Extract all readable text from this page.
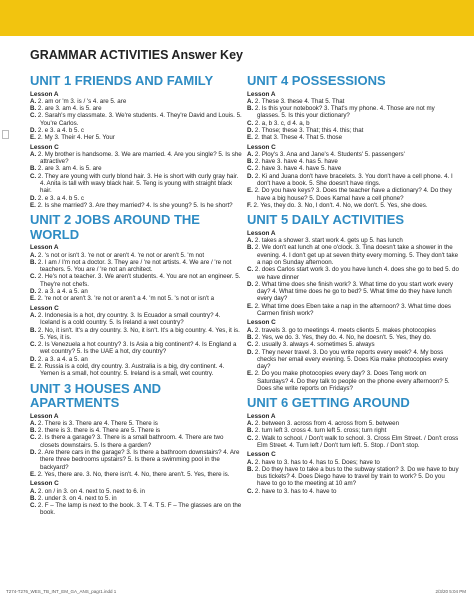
GRAMMAR ACTIVITIES Answer Key
UNIT 1 FRIENDS AND FAMILY
Lesson A
A. 2. am or 'm 3. is / 's 4. are 5. are
B. 2. are 3. am 4. is 5. are
C. 2. Sarah's my classmate. 3. We're students. 4. They're David and Louis. 5. You're Carlos.
D. 2. e 3. a 4. b 5. c
E. 2. My 3. Their 4. Her 5. Your
Lesson C
A. 2. My brother is handsome. 3. We are married. 4. Are you single? 5. Is she attractive?
B. 2. are 3. am 4. is 5. are
C. 2. They are young with curly blond hair. 3. He is short with curly gray hair. 4. Anita is tall with wavy black hair. 5. Teng is young with straight black hair.
D. 2. e 3. a 4. b 5. c
E. 2. Is she married? 3. Are they married? 4. Is she young? 5. Is he short?
UNIT 2 JOBS AROUND THE WORLD
Lesson A
A. 2. 's not or isn't 3. 're not or aren't 4. 're not or aren't 5. 'm not
B. 2. I am / I'm not a doctor. 3. They are / 're not artists. 4. We are / 're not teachers. 5. You are / 're not an architect.
C. 2. He's not a teacher. 3. We aren't students. 4. You are not an engineer. 5. They're not chefs.
D. 2. a 3. a 4. a 5. an
E. 2. 're not or aren't 3. 're not or aren't a 4. 'm not 5. 's not or isn't a
Lesson C
A. 2. Indonesia is a hot, dry country. 3. Is Ecuador a small country? 4. Iceland is a cold country. 5. Is Ireland a wet country?
B. 2. No, it isn't. It's a dry country. 3. No, it isn't. It's a big country. 4. Yes, it is. 5. Yes, it is.
C. 2. Is Venezuela a hot country? 3. Is Asia a big continent? 4. Is England a wet country? 5. Is the UAE a hot, dry country?
D. 2. a 3. a 4. a 5. an
E. 2. Russia is a cold, dry country. 3. Australia is a big, dry continent. 4. Yemen is a small, hot country. 5. Ireland is a small, wet country.
UNIT 3 HOUSES AND APARTMENTS
Lesson A
A. 2. There is 3. There are 4. There 5. There is
B. 2. there is 3. there is 4. There are 5. There is
C. 2. Is there a garage? 3. There is a small bathroom. 4. There are two closets downstairs. 5. Is there a garden?
D. 2. Are there cars in the garage? 3. Is there a bathroom downstairs? 4. Are there three bedrooms upstairs? 5. Is there a swimming pool in the backyard?
E. 2. Yes, there are. 3. No, there isn't. 4. No, there aren't. 5. Yes, there is.
Lesson C
A. 2. on / in 3. on 4. next to 5. next to 6. in
B. 2. under 3. on 4. next to 5. in
C. 2. F – The lamp is next to the book. 3. T 4. T 5. F – The glasses are on the book.
UNIT 4 POSSESSIONS
Lesson A
A. 2. These 3. these 4. That 5. That
B. 2. Is this your notebook? 3. That's my phone. 4. Those are not my glasses. 5. Is this your dictionary?
C. 2. a, b 3. c, d 4. a, b
D. 2. Those; these 3. That; this 4. this; that
E. 2. that 3. These 4. That 5. those
Lesson C
A. 2. Ploy's 3. Ana and Jane's 4. Students' 5. passengers'
B. 2. have 3. have 4. has 5. have
C. 2. have 3. have 4. have 5. have
D. 2. Ki and Juana don't have bracelets. 3. You don't have a cell phone. 4. I don't have a book. 5. She doesn't have rings.
E. 2. Do you have keys? 3. Does the teacher have a dictionary? 4. Do they have a big house? 5. Does Kamal have a cell phone?
F. 2. Yes, they do. 3. No, I don't. 4. No, we don't. 5. Yes, she does.
UNIT 5 DAILY ACTIVITIES
Lesson A
A. 2. takes a shower 3. start work 4. gets up 5. has lunch
B. 2. We don't eat lunch at one o'clock. 3. Tina doesn't take a shower in the evening. 4. I don't get up at seven thirty every morning. 5. They don't take a nap on Sunday afternoon.
C. 2. does Carlos start work 3. do you have lunch 4. does she go to bed 5. do we have dinner
D. 2. What time does she finish work? 3. What time do you start work every day? 4. What time does he go to bed? 5. What time do they have lunch every day?
E. 2. What time does Eben take a nap in the afternoon? 3. What time does Carmen finish work?
Lesson C
A. 2. travels 3. go to meetings 4. meets clients 5. makes photocopies
B. 2. Yes, we do. 3. Yes, they do. 4. No, he doesn't. 5. Yes, they do.
C. 2. usually 3. always 4. sometimes 5. always
D. 2. They never travel. 3. Do you write reports every week? 4. My boss checks her email every evening. 5. Does Kia make photocopies every day?
E. 2. Do you make photocopies every day? 3. Does Teng work on Saturdays? 4. Do they talk to people on the phone every afternoon? 5. Does she write reports on Fridays?
UNIT 6 GETTING AROUND
Lesson A
A. 2. between 3. across from 4. across from 5. between
B. 2. turn left 3. cross 4. turn left 5. cross; turn right
C. 2. Walk to school. / Don't walk to school. 3. Cross Elm Street. / Don't cross Elm Street. 4. Turn left / Don't turn left. 5. Stop. / Don't stop.
Lesson C
A. 2. have to 3. has to 4. has to 5. Does; have to
B. 2. Do they have to take a bus to the subway station? 3. Do we have to buy bus tickets? 4. Does Diego have to travel by train to work? 5. Do you have to go to the meeting at 10 am?
C. 2. have to 3. has to 4. have to
T274-T276_WES_TB_INT_EM_GA_ANS_pagr1.indd 1	2/3/20 5:04 PM
